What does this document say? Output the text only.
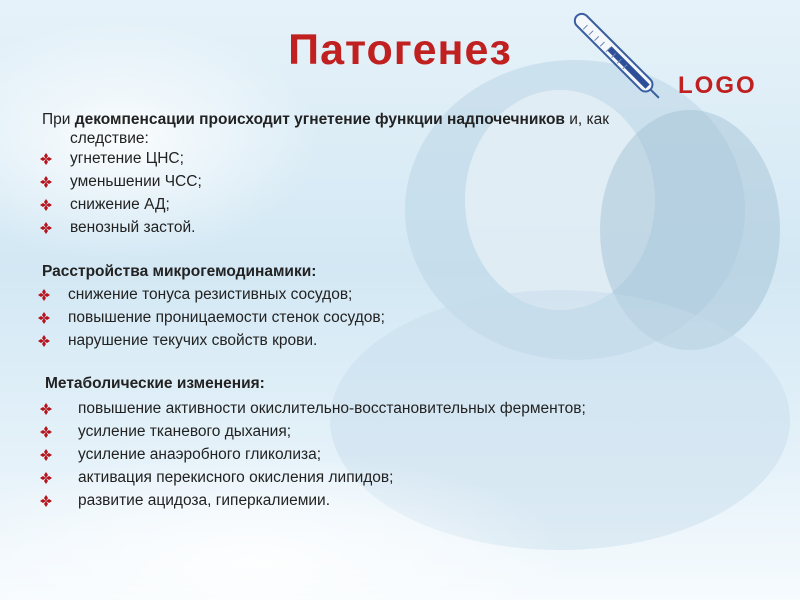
Патогенез
LOGO
При декомпенсации происходит угнетение функции надпочечников и, как
следствие:
угнетение ЦНС;
уменьшении ЧСС;
снижение АД;
венозный застой.
Расстройства микрогемодинамики:
снижение тонуса резистивных сосудов;
повышение проницаемости стенок сосудов;
нарушение текучих свойств крови.
Метаболические изменения:
повышение активности окислительно-восстановительных ферментов;
усиление тканевого дыхания;
усиление анаэробного гликолиза;
активация перекисного окисления липидов;
развитие ацидоза, гиперкалиемии.
